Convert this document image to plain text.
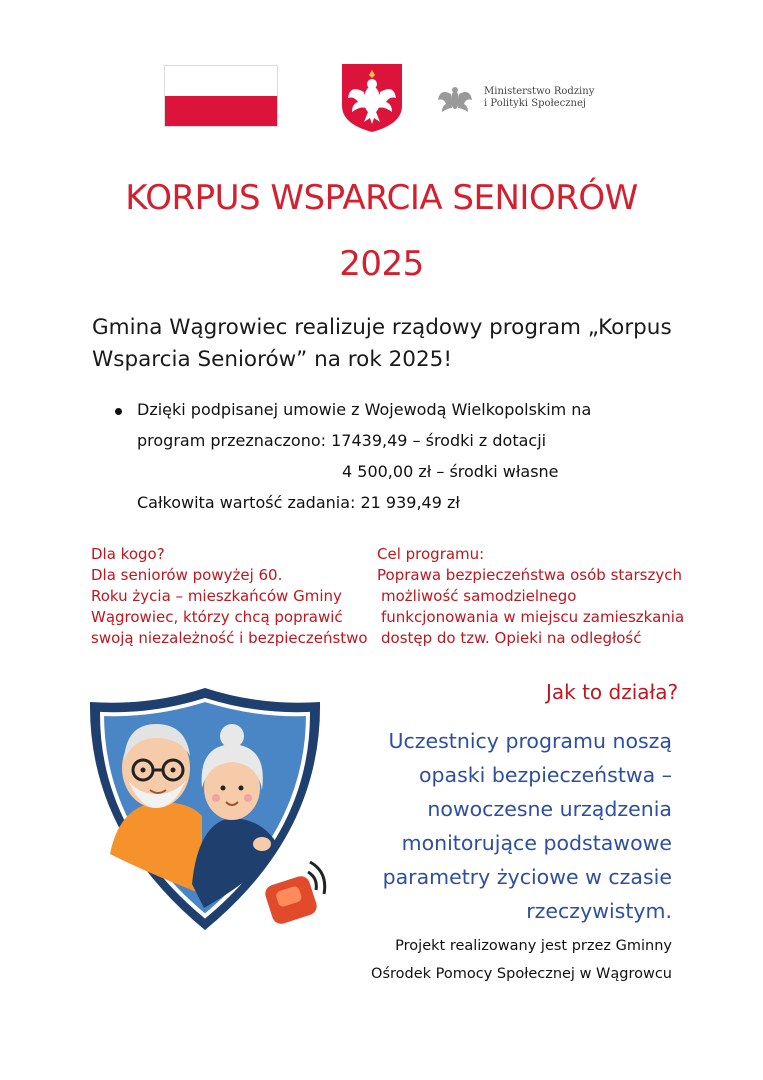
Ministerstwo Rodziny
i Polityki Społecznej
KORPUS WSPARCIA SENIORÓW
2025
Gmina Wągrowiec realizuje rządowy program „Korpus
Wsparcia Seniorów” na rok 2025!
Dzięki podpisanej umowie z Wojewodą Wielkopolskim na
program przeznaczono: 17439,49 – środki z dotacji
4 500,00 zł – środki własne
Całkowita wartość zadania: 21 939,49 zł
Dla kogo?
Dla seniorów powyżej 60.
Roku życia – mieszkańców Gminy
Wągrowiec, którzy chcą poprawić
swoją niezależność i bezpieczeństwo
Cel programu:
Poprawa bezpieczeństwa osób starszych
możliwość samodzielnego
funkcjonowania w miejscu zamieszkania
dostęp do tzw. Opieki na odległość
Jak to działa?
Uczestnicy programu noszą
opaski bezpieczeństwa –
nowoczesne urządzenia
monitorujące podstawowe
parametry życiowe w czasie
rzeczywistym.
Projekt realizowany jest przez Gminny
Ośrodek Pomocy Społecznej w Wągrowcu
